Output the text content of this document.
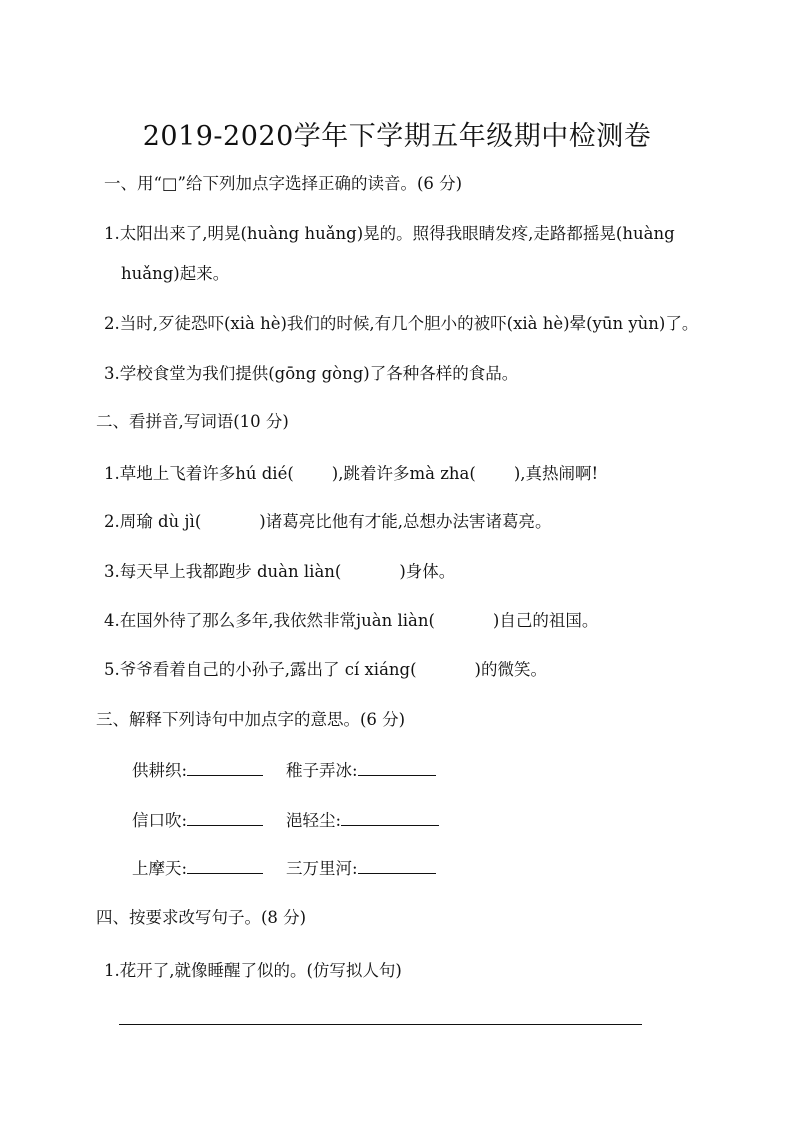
2019-2020学年下学期五年级期中检测卷
一、用“□”给下列加点字选择正确的读音。(6 分)
1.太阳出来了,明晃(huàng huǎng)晃的。照得我眼睛发疼,走路都摇晃(huàng
huǎng)起来。
2.当时,歹徒恐吓(xià hè)我们的时候,有几个胆小的被吓(xià hè)晕(yūn yùn)了。
3.学校食堂为我们提供(gōng gòng)了各种各样的食品。
二、看拼音,写词语(10 分)
1.草地上飞着许多hú dié( ),跳着许多mà zha( ),真热闹啊!
2.周瑜 dù jì(	)诸葛亮比他有才能,总想办法害诸葛亮。
3.每天早上我都跑步 duàn liàn(	)身体。
4.在国外待了那么多年,我依然非常juàn liàn(	)自己的祖国。
5.爷爷看着自己的小孙子,露出了 cí xiáng(	)的微笑。
三、解释下列诗句中加点字的意思。(6 分)
供耕织:	稚子弄冰:
信口吹:	浥轻尘:
上摩天:	三万里河:
四、按要求改写句子。(8 分)
1.花开了,就像睡醒了似的。(仿写拟人句)
